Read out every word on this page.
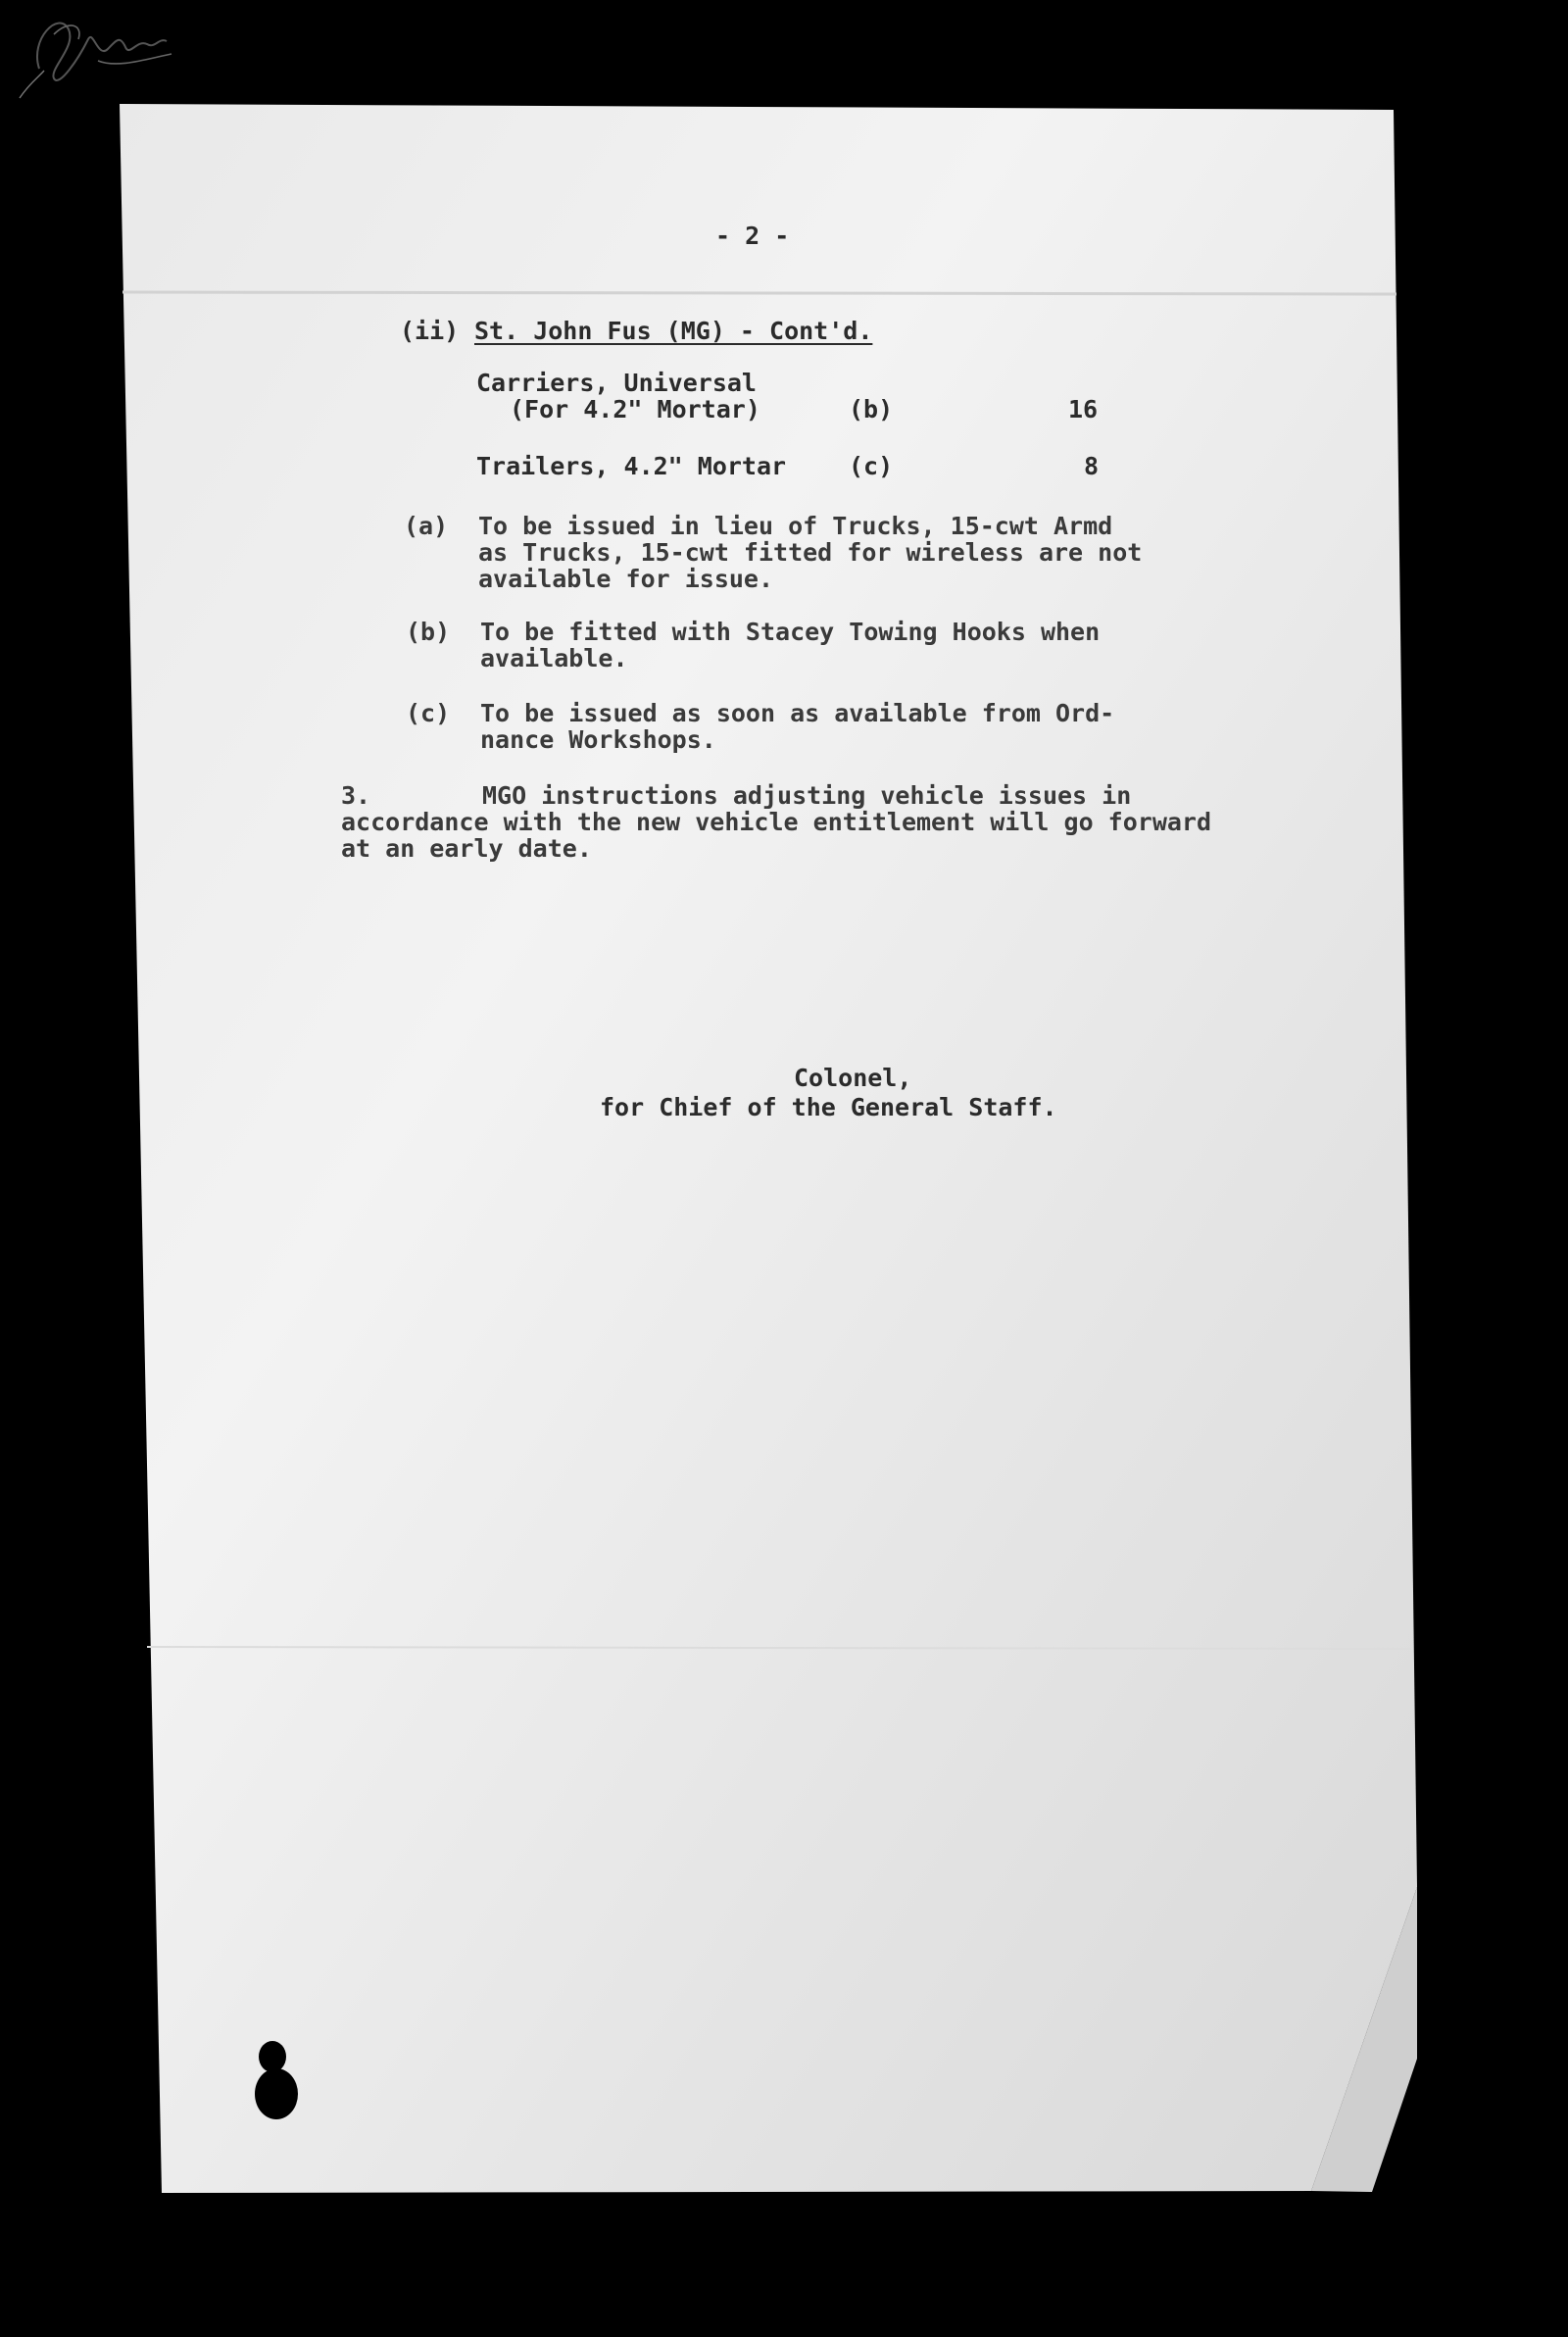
- 2 -
(ii) St. John Fus (MG) - Cont'd.
Carriers, Universal
(For 4.2" Mortar)	(b)	16
Trailers, 4.2" Mortar	(c)	8
(a) To be issued in lieu of Trucks, 15-cwt Armd
as Trucks, 15-cwt fitted for wireless are not
available for issue.
(b) To be fitted with Stacey Towing Hooks when
available.
(c) To be issued as soon as available from Ord-
nance Workshops.
3.	MGO instructions adjusting vehicle issues in
accordance with the new vehicle entitlement will go forward
at an early date.
Colonel,
for Chief of the General Staff.
